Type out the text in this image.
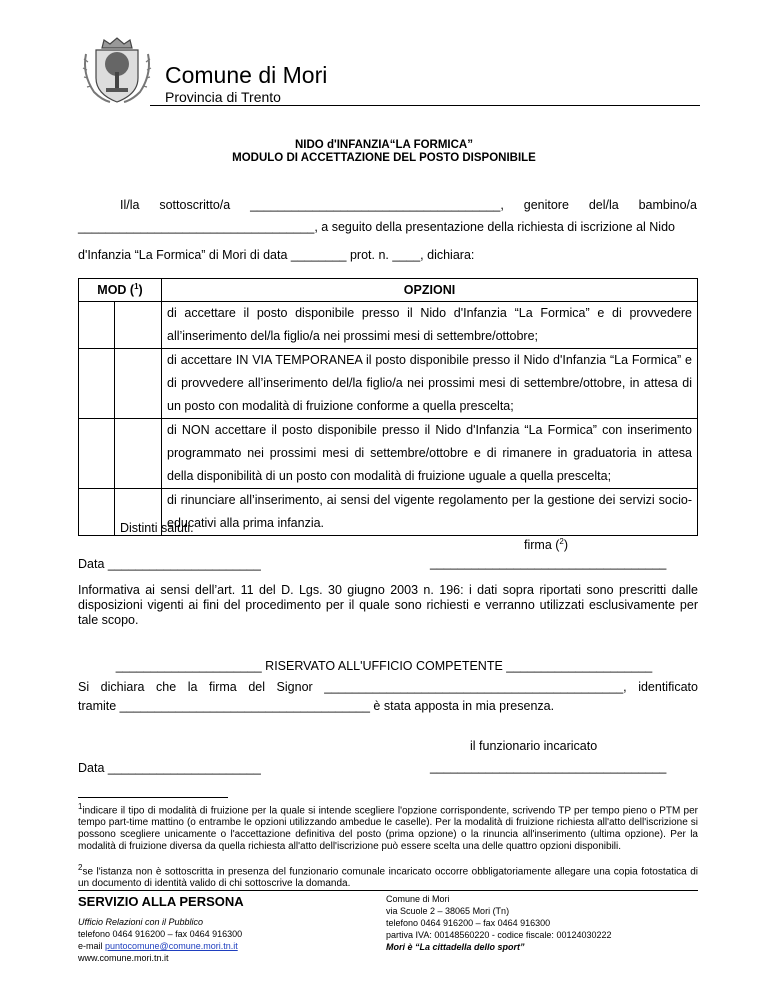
Comune di Mori
Provincia di Trento
NIDO d'INFANZIA“LA FORMICA”
MODULO DI ACCETTAZIONE DEL POSTO DISPONIBILE
Il/la sottoscritto/a ____________________________________, genitore del/la bambino/a
__________________________________, a seguito della presentazione della richiesta di iscrizione al Nido
d'Infanzia “La Formica” di Mori di data ________ prot. n. ____, dichiara:
MOD ($^1$)		OPZIONI
		di accettare il posto disponibile presso il Nido d'Infanzia “La Formica” e di provvedere all’inserimento del/la figlio/a nei prossimi mesi di settembre/ottobre;
		di accettare IN VIA TEMPORANEA il posto disponibile presso il Nido d'Infanzia “La Formica” e di provvedere all’inserimento del/la figlio/a nei prossimi mesi di settembre/ottobre, in attesa di un posto con modalità di fruizione conforme a quella prescelta;
		di NON accettare il posto disponibile presso il Nido d'Infanzia “La Formica” con inserimento programmato nei prossimi mesi di settembre/ottobre e di rimanere in graduatoria in attesa della disponibilità di un posto con modalità di fruizione uguale a quella prescelta;
		di rinunciare all’inserimento, ai sensi del vigente regolamento per la gestione dei servizi socio-educativi alla prima infanzia.
Distinti saluti.
firma ($^2$)
Data ______________________	__________________________________
Informativa ai sensi dell’art. 11 del D. Lgs. 30 giugno 2003 n. 196: i dati sopra riportati sono prescritti dalle disposizioni vigenti ai fini del procedimento per il quale sono richiesti e verranno utilizzati esclusivamente per tale scopo.
_____________________ RISERVATO ALL'UFFICIO COMPETENTE _____________________
Si dichiara che la firma del Signor ___________________________________________, identificato
tramite ____________________________________ è stata apposta in mia presenza.
il funzionario incaricato
Data ______________________	__________________________________
$^1$indicare il tipo di modalità di fruizione per la quale si intende scegliere l'opzione corrispondente, scrivendo TP per tempo pieno o PTM per tempo part-time mattino (o entrambe le opzioni utilizzando ambedue le caselle). Per la modalità di fruizione richiesta all'atto dell'iscrizione si possono scegliere unicamente o l'accettazione definitiva del posto (prima opzione) o la rinuncia all'inserimento (ultima opzione). Per la modalità di fruizione diversa da quella richiesta all'atto dell'iscrizione può essere scelta una delle quattro opzioni disponibili.
$^2$se l'istanza non è sottoscritta in presenza del funzionario comunale incaricato occorre obbligatoriamente allegare una copia fotostatica di un documento di identità valido di chi sottoscrive la domanda.
SERVIZIO ALLA PERSONA
Ufficio Relazioni con il Pubblico
telefono 0464 916200 – fax 0464 916300
e-mail puntocomune@comune.mori.tn.it
www.comune.mori.tn.it
Comune di Mori
via Scuole 2 – 38065 Mori (Tn)
telefono 0464 916200 – fax 0464 916300
partiva IVA: 00148560220 - codice fiscale: 00124030222
Mori è “La cittadella dello sport”
